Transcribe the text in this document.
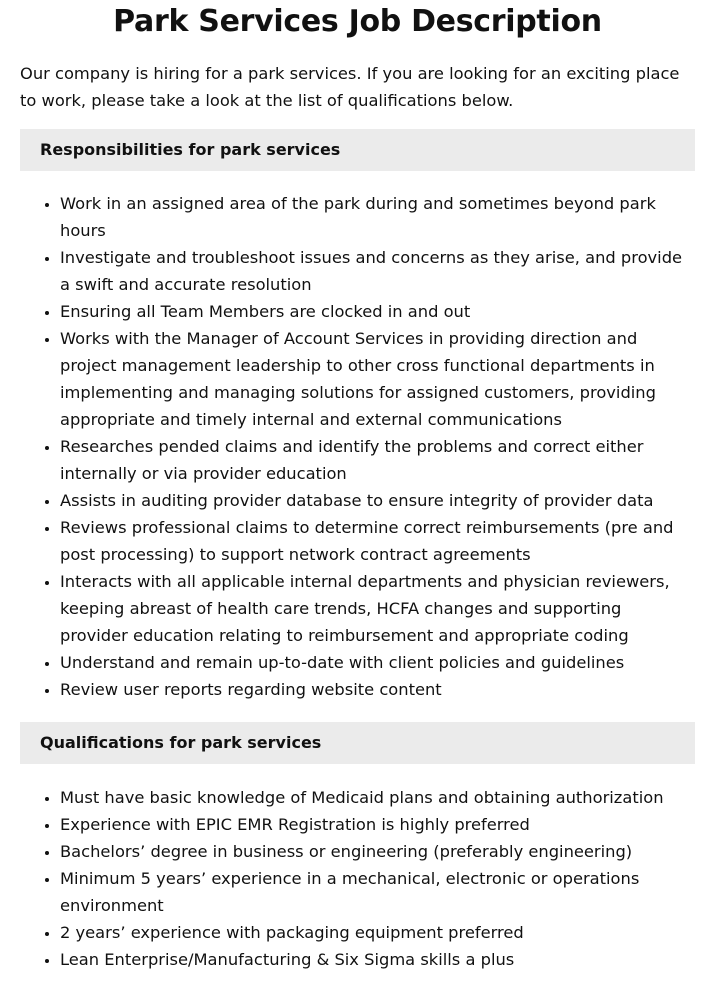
Park Services Job Description

Our company is hiring for a park services. If you are looking for an exciting place to work, please take a look at the list of qualifications below.

Responsibilities for park services
• Work in an assigned area of the park during and sometimes beyond park hours
• Investigate and troubleshoot issues and concerns as they arise, and provide a swift and accurate resolution
• Ensuring all Team Members are clocked in and out
• Works with the Manager of Account Services in providing direction and project management leadership to other cross functional departments in implementing and managing solutions for assigned customers, providing appropriate and timely internal and external communications
• Researches pended claims and identify the problems and correct either internally or via provider education
• Assists in auditing provider database to ensure integrity of provider data
• Reviews professional claims to determine correct reimbursements (pre and post processing) to support network contract agreements
• Interacts with all applicable internal departments and physician reviewers, keeping abreast of health care trends, HCFA changes and supporting provider education relating to reimbursement and appropriate coding
• Understand and remain up-to-date with client policies and guidelines
• Review user reports regarding website content
Qualifications for park services
• Must have basic knowledge of Medicaid plans and obtaining authorization
• Experience with EPIC EMR Registration is highly preferred
• Bachelors’ degree in business or engineering (preferably engineering)
• Minimum 5 years’ experience in a mechanical, electronic or operations environment
• 2 years’ experience with packaging equipment preferred
• Lean Enterprise/Manufacturing & Six Sigma skills a plus
